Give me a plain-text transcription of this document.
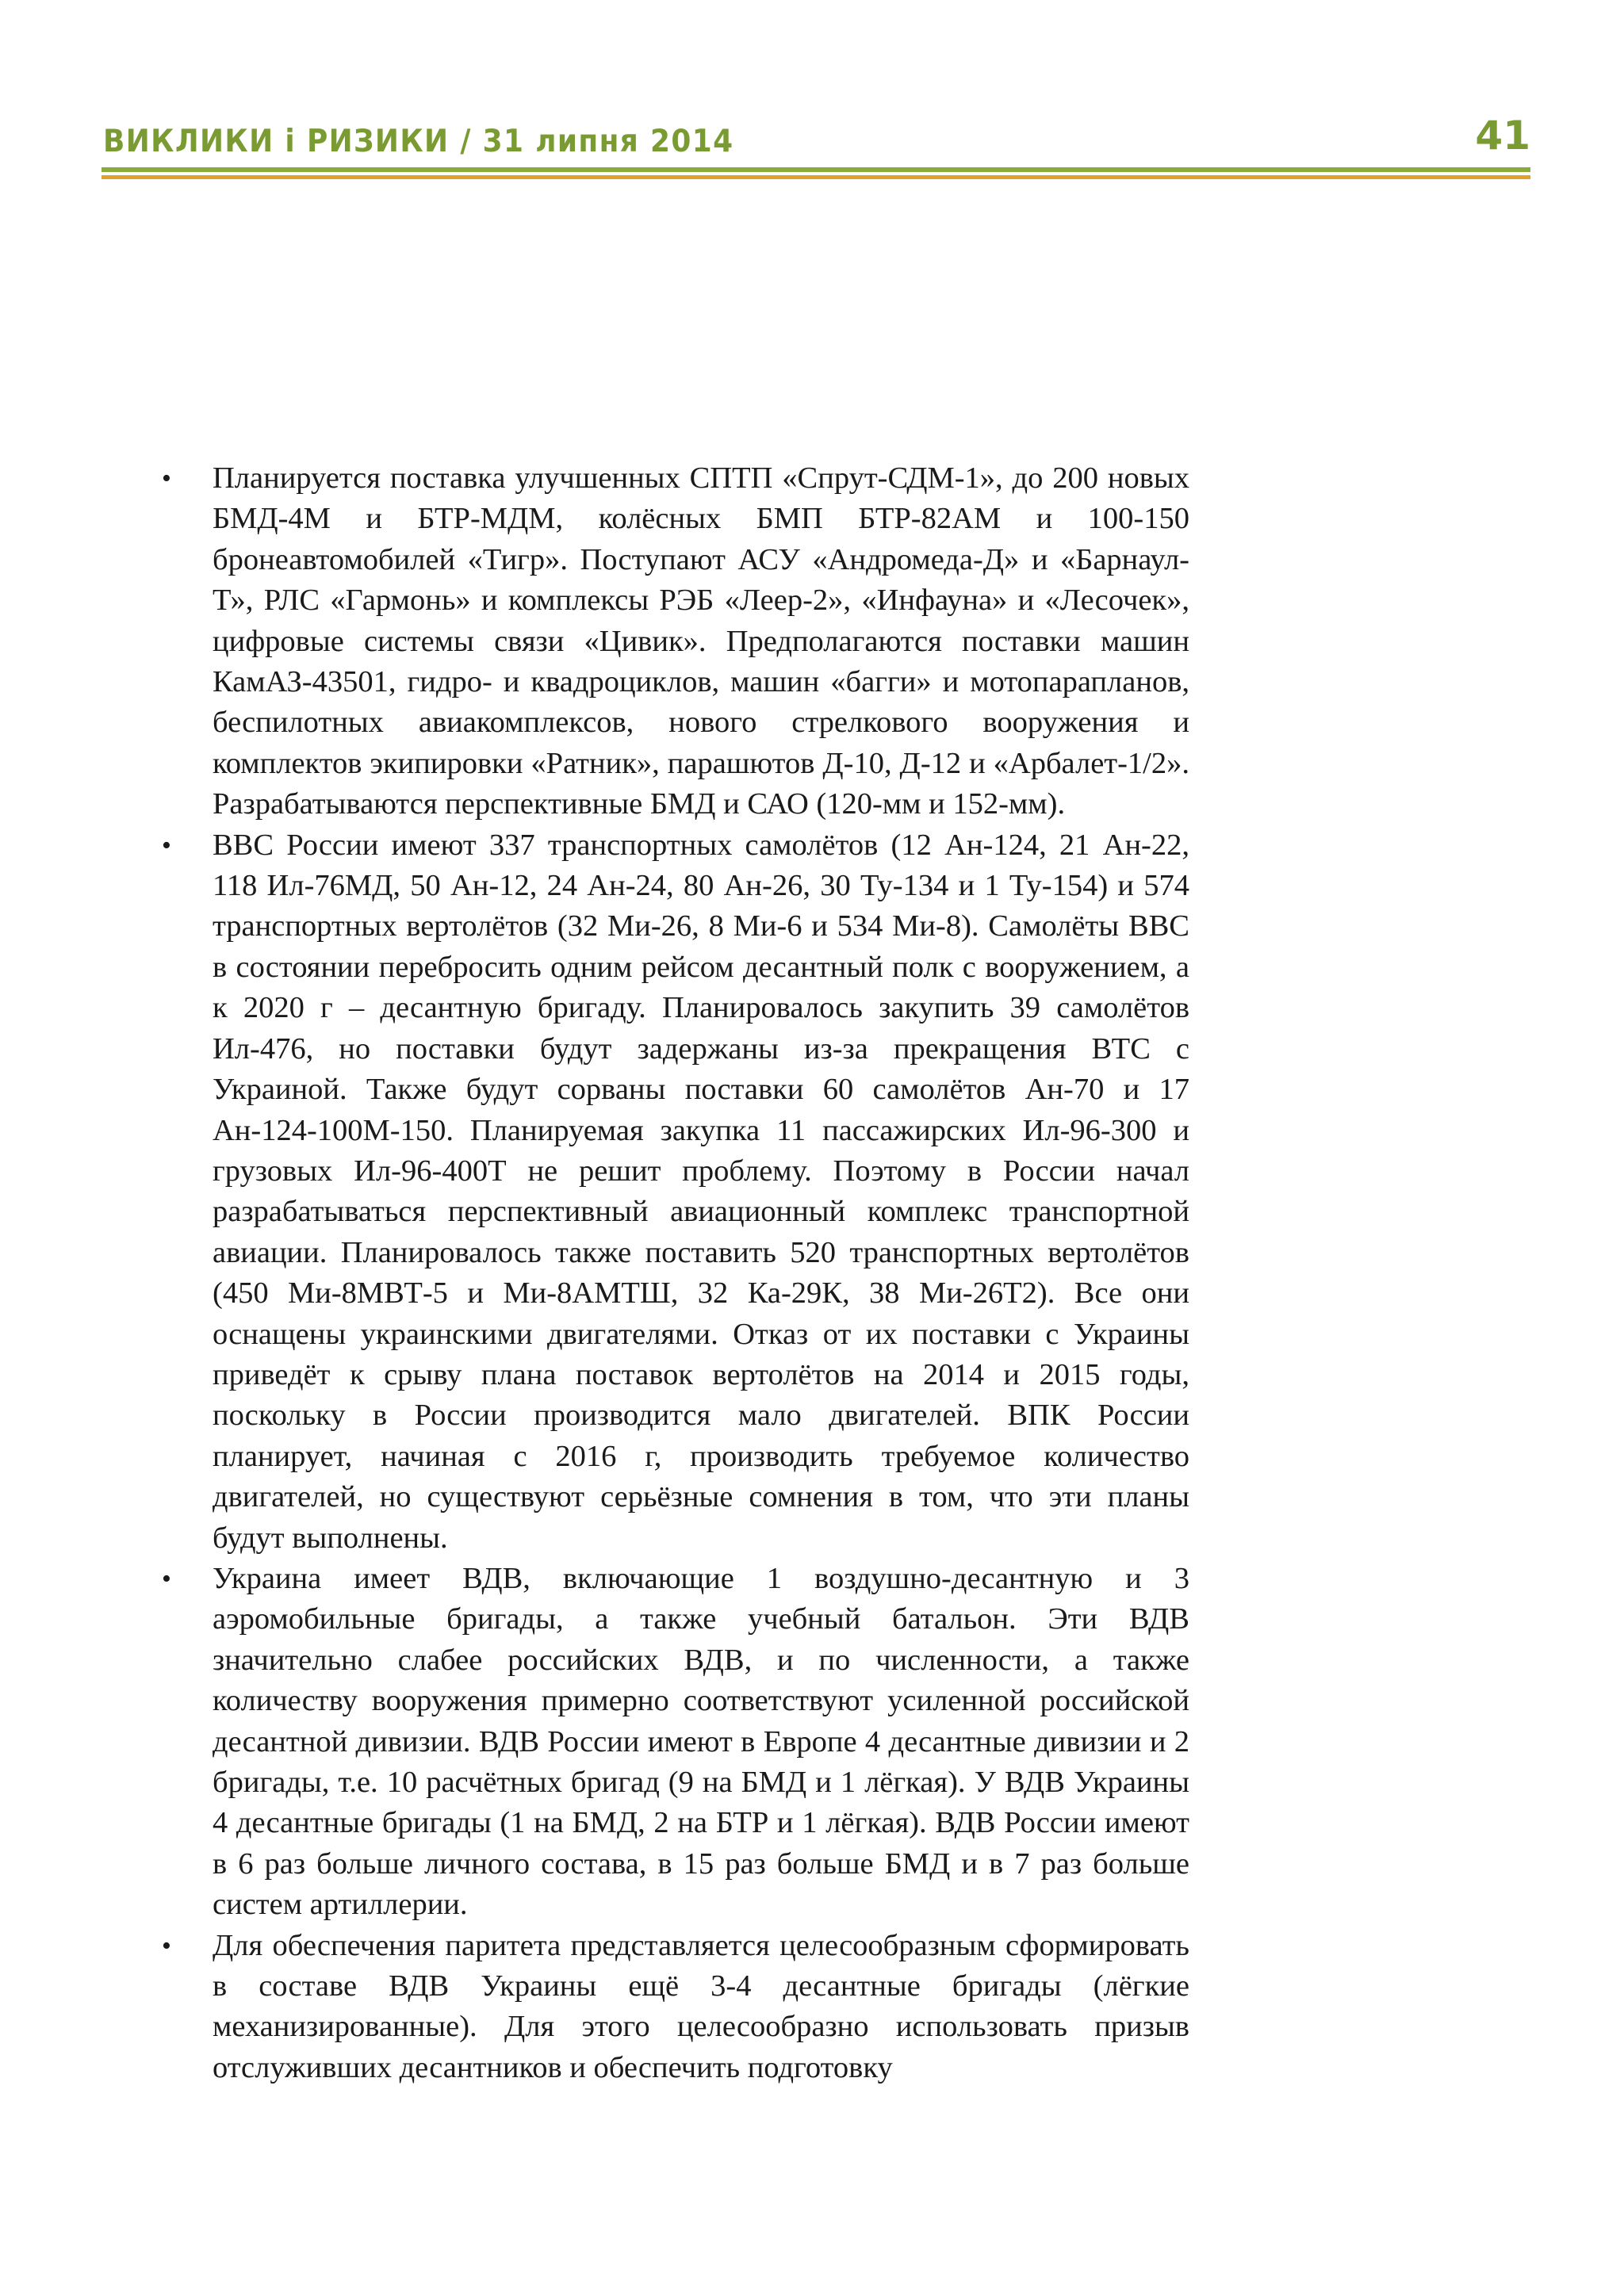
ВИКЛИКИ і РИЗИКИ / 31 липня 2014	41
•	Планируется поставка улучшенных СПТП «Спрут-СДМ-1», до 200 новых БМД-4М и БТР-МДМ, колёсных БМП БТР-82АМ и 100-150 бронеавтомобилей «Тигр». Поступают АСУ «Андромеда-Д» и «Барнаул-Т», РЛС «Гармонь» и комплексы РЭБ «Леер-2», «Инфауна» и «Лесочек», цифровые системы связи «Цивик». Предполагаются поставки машин КамАЗ-43501, гидро- и квадроциклов, машин «багги» и мотопарапланов, беспилотных авиакомплексов, нового стрелкового вооружения и комплектов экипировки «Ратник», парашютов Д-10, Д-12 и «Арбалет-1/2». Разрабатываются перспективные БМД и САО (120-мм и 152-мм).
•	ВВС России имеют 337 транспортных самолётов (12 Ан-124, 21 Ан-22, 118 Ил-76МД, 50 Ан-12, 24 Ан-24, 80 Ан-26, 30 Ту-134 и 1 Ту-154) и 574 транспортных вертолётов (32 Ми-26, 8 Ми-6 и 534 Ми-8). Самолёты ВВС в состоянии перебросить одним рейсом десантный полк с вооружением, а к 2020 г – десантную бригаду. Планировалось закупить 39 самолётов Ил-476, но поставки будут задержаны из-за прекращения ВТС с Украиной. Также будут сорваны поставки 60 самолётов Ан-70 и 17 Ан-124-100М-150. Планируемая закупка 11 пассажирских Ил-96-300 и грузовых Ил-96-400Т не решит проблему. Поэтому в России начал разрабатываться перспективный авиационный комплекс транспортной авиации. Планировалось также поставить 520 транспортных вертолётов (450 Ми-8МВТ-5 и Ми-8АМТШ, 32 Ка-29К, 38 Ми-26Т2). Все они оснащены украинскими двигателями. Отказ от их поставки с Украины приведёт к срыву плана поставок вертолётов на 2014 и 2015 годы, поскольку в России производится мало двигателей. ВПК России планирует, начиная с 2016 г, производить требуемое количество двигателей, но существуют серьёзные сомнения в том, что эти планы будут выполнены.
•	Украина имеет ВДВ, включающие 1 воздушно-десантную и 3 аэромобильные бригады, а также учебный батальон. Эти ВДВ значительно слабее российских ВДВ, и по численности, а также количеству вооружения примерно соответствуют усиленной российской десантной дивизии. ВДВ России имеют в Европе 4 десантные дивизии и 2 бригады, т.е. 10 расчётных бригад (9 на БМД и 1 лёгкая). У ВДВ Украины 4 десантные бригады (1 на БМД, 2 на БТР и 1 лёгкая). ВДВ России имеют в 6 раз больше личного состава, в 15 раз больше БМД и в 7 раз больше систем артиллерии.
•	Для обеспечения паритета представляется целесообразным сформировать в составе ВДВ Украины ещё 3-4 десантные бригады (лёгкие механизированные). Для этого целесообразно использовать призыв отслуживших десантников и обеспечить подготовку
